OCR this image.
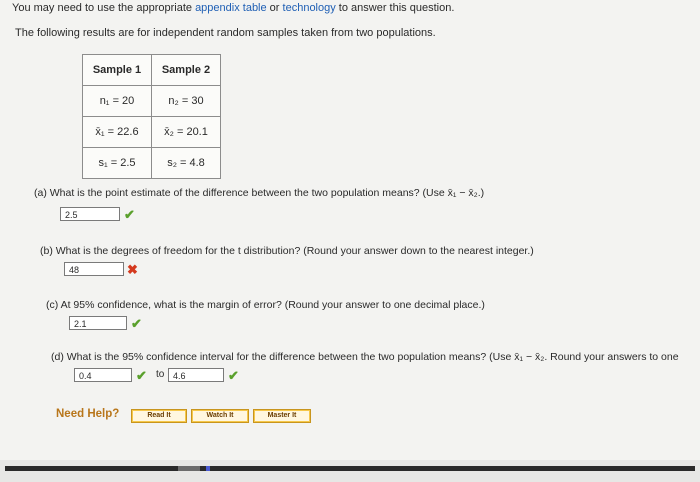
You may need to use the appropriate appendix table or technology to answer this question.
The following results are for independent random samples taken from two populations.
Sample 1	Sample 2
n₁ = 20	n₂ = 30
x̄₁ = 22.6	x̄₂ = 20.1
s₁ = 2.5	s₂ = 4.8
(a) What is the point estimate of the difference between the two population means? (Use x̄₁ − x̄₂.)
2.5	✔
(b) What is the degrees of freedom for the t distribution? (Round your answer down to the nearest integer.)
48	✖
(c) At 95% confidence, what is the margin of error? (Round your answer to one decimal place.)
2.1	✔
(d) What is the 95% confidence interval for the difference between the two population means? (Use x̄₁ − x̄₂. Round your answers to one
0.4	✔ to 4.6	✔
Need Help?	Read It	Watch It	Master It
